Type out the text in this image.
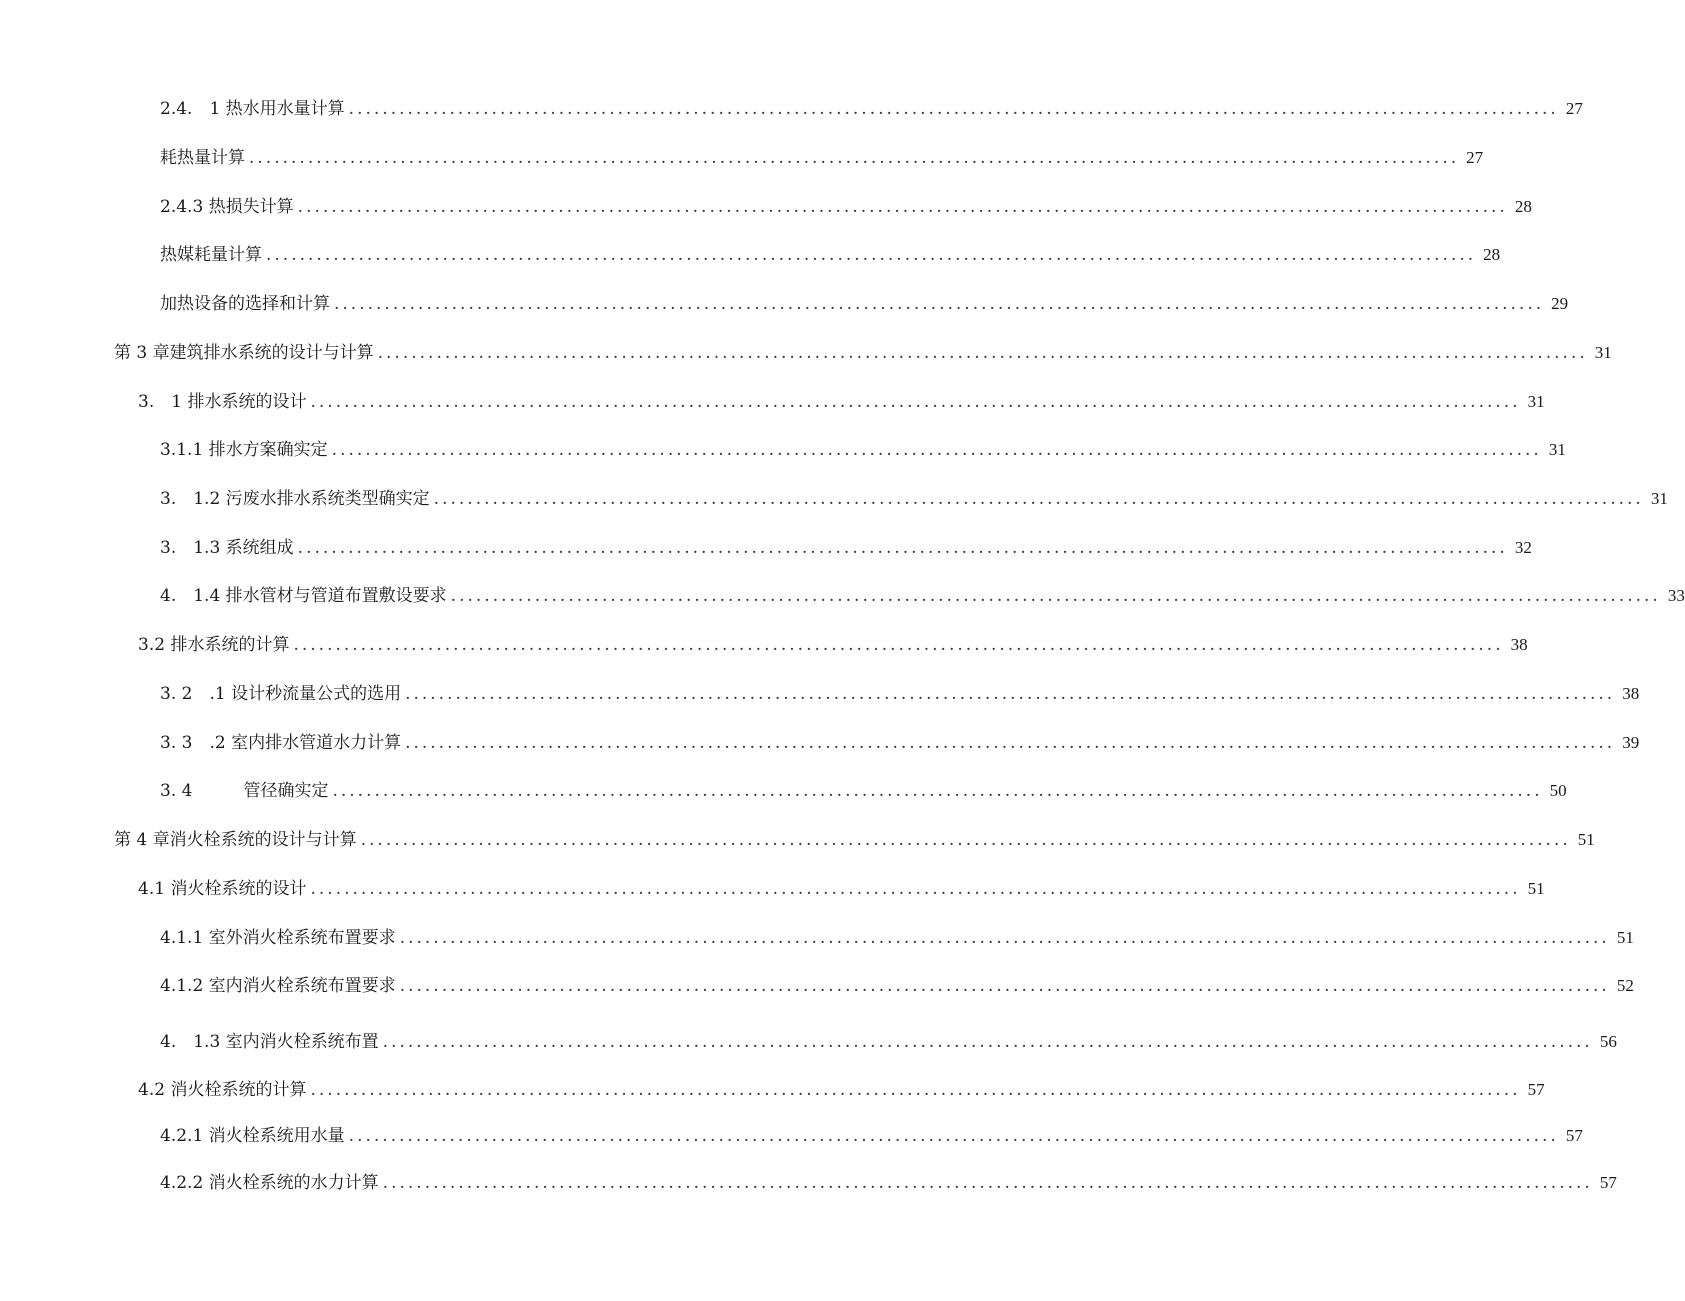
2.4.　1 热水用水量计算 ................................................................................................................................................ 27
耗热量计算 ................................................................................................................................................ 27
2.4.3 热损失计算 ................................................................................................................................................ 28
热媒耗量计算 ................................................................................................................................................ 28
加热设备的选择和计算 ................................................................................................................................................ 29
第 3 章建筑排水系统的设计与计算 ................................................................................................................................................ 31
3.　1 排水系统的设计 ................................................................................................................................................ 31
3.1.1 排水方案确实定 ................................................................................................................................................ 31
3.　1.2 污废水排水系统类型确实定 ................................................................................................................................................ 31
3.　1.3 系统组成 ................................................................................................................................................ 32
4.　1.4 排水管材与管道布置敷设要求 ................................................................................................................................................ 33
3.2 排水系统的计算 ................................................................................................................................................ 38
3. 2　.1 设计秒流量公式的选用 ................................................................................................................................................ 38
3. 3　.2 室内排水管道水力计算 ................................................................................................................................................ 39
3. 4　　　管径确实定 ................................................................................................................................................ 50
第 4 章消火栓系统的设计与计算 ................................................................................................................................................ 51
4.1 消火栓系统的设计 ................................................................................................................................................ 51
4.1.1 室外消火栓系统布置要求 ................................................................................................................................................ 51
4.1.2 室内消火栓系统布置要求 ................................................................................................................................................ 52
4.　1.3 室内消火栓系统布置 ................................................................................................................................................ 56
4.2 消火栓系统的计算 ................................................................................................................................................ 57
4.2.1 消火栓系统用水量 ................................................................................................................................................ 57
4.2.2 消火栓系统的水力计算 ................................................................................................................................................ 57
